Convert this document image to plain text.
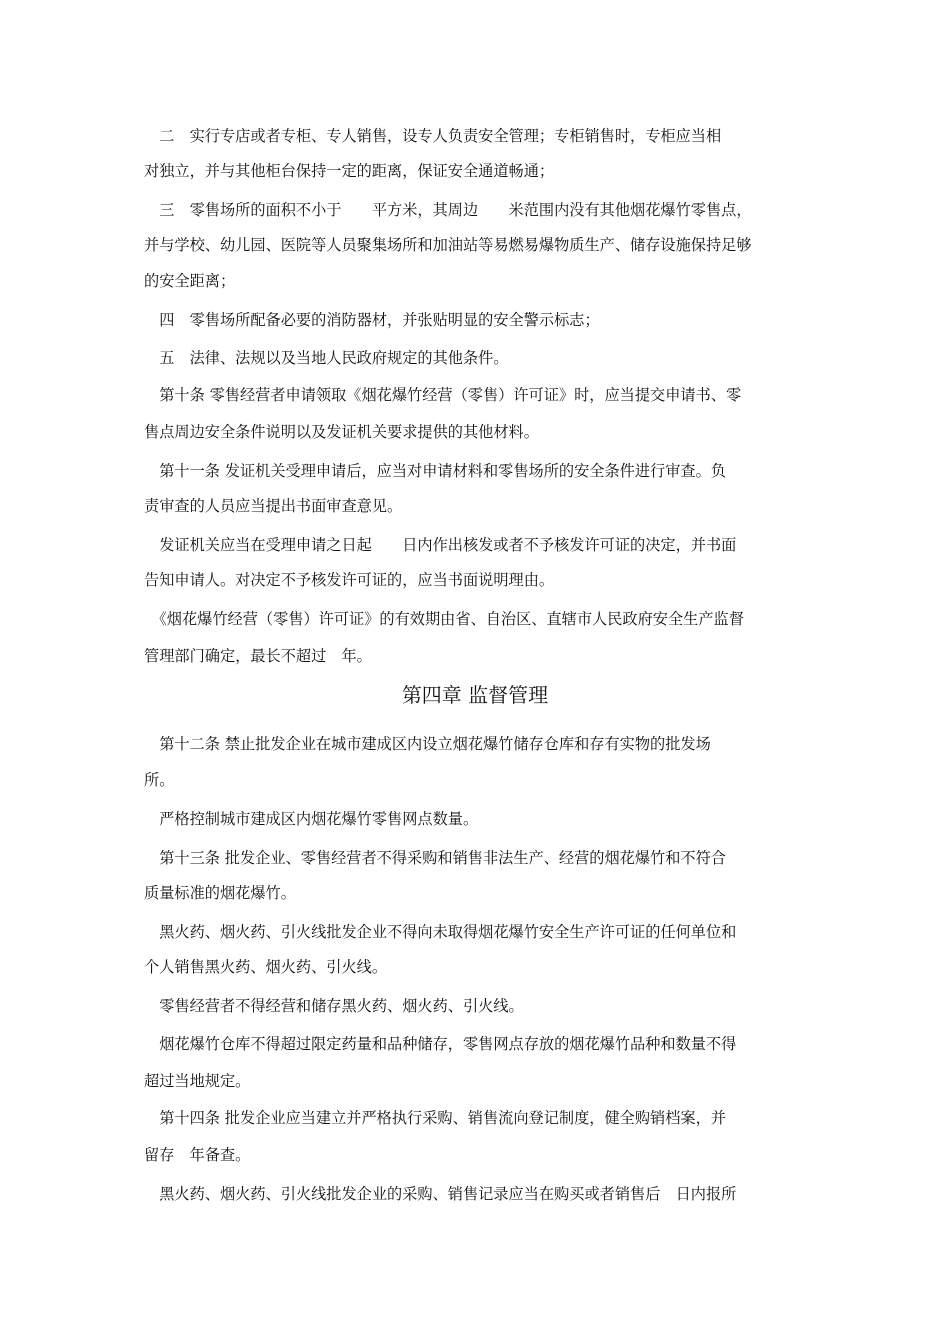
　二　实行专店或者专柜、专人销售，设专人负责安全管理；专柜销售时，专柜应当相
对独立，并与其他柜台保持一定的距离，保证安全通道畅通；
　三　零售场所的面积不小于　　平方米，其周边　　米范围内没有其他烟花爆竹零售点，
并与学校、幼儿园、医院等人员聚集场所和加油站等易燃易爆物质生产、储存设施保持足够
的安全距离；
　四　零售场所配备必要的消防器材，并张贴明显的安全警示标志；
　五　法律、法规以及当地人民政府规定的其他条件。
　第十条 零售经营者申请领取《烟花爆竹经营（零售）许可证》时，应当提交申请书、零
售点周边安全条件说明以及发证机关要求提供的其他材料。
　第十一条 发证机关受理申请后，应当对申请材料和零售场所的安全条件进行审查。负
责审查的人员应当提出书面审查意见。
　发证机关应当在受理申请之日起　　日内作出核发或者不予核发许可证的决定，并书面
告知申请人。对决定不予核发许可证的，应当书面说明理由。
　《烟花爆竹经营（零售）许可证》的有效期由省、自治区、直辖市人民政府安全生产监督
管理部门确定，最长不超过　年。
第四章 监督管理
　第十二条 禁止批发企业在城市建成区内设立烟花爆竹储存仓库和存有实物的批发场
所。
　严格控制城市建成区内烟花爆竹零售网点数量。
　第十三条 批发企业、零售经营者不得采购和销售非法生产、经营的烟花爆竹和不符合
质量标准的烟花爆竹。
　黑火药、烟火药、引火线批发企业不得向未取得烟花爆竹安全生产许可证的任何单位和
个人销售黑火药、烟火药、引火线。
　零售经营者不得经营和储存黑火药、烟火药、引火线。
　烟花爆竹仓库不得超过限定药量和品种储存，零售网点存放的烟花爆竹品种和数量不得
超过当地规定。
　第十四条 批发企业应当建立并严格执行采购、销售流向登记制度，健全购销档案，并
留存　年备查。
　黑火药、烟火药、引火线批发企业的采购、销售记录应当在购买或者销售后　日内报所
